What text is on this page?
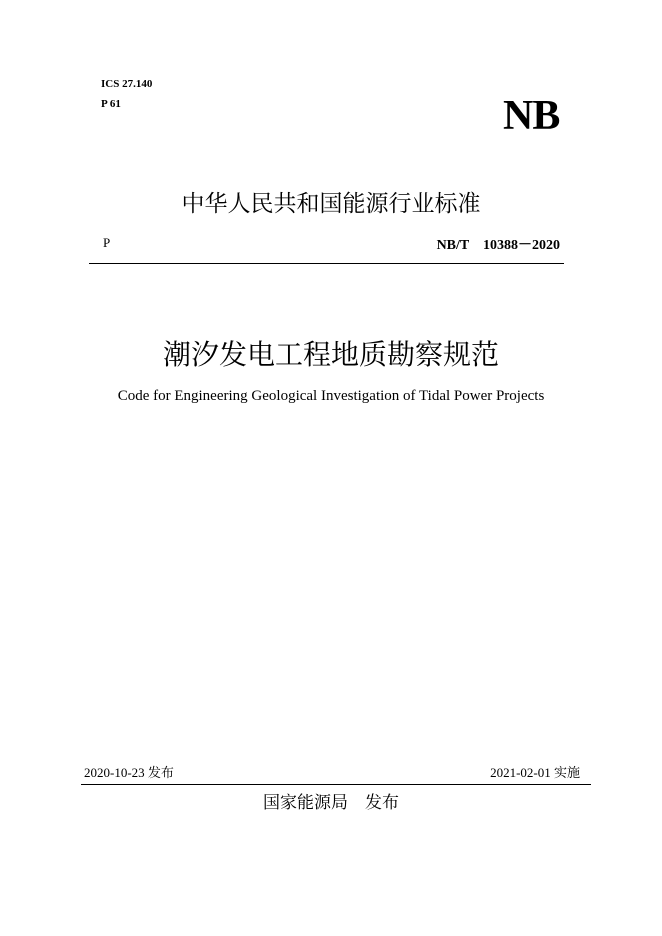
ICS 27.140
P 61	NB
中华人民共和国能源行业标准
P	NB/T　10388－2020
潮汐发电工程地质勘察规范
Code for Engineering Geological Investigation of Tidal Power Projects
2020-10-23 发布	2021-02-01 实施
国家能源局　发布
